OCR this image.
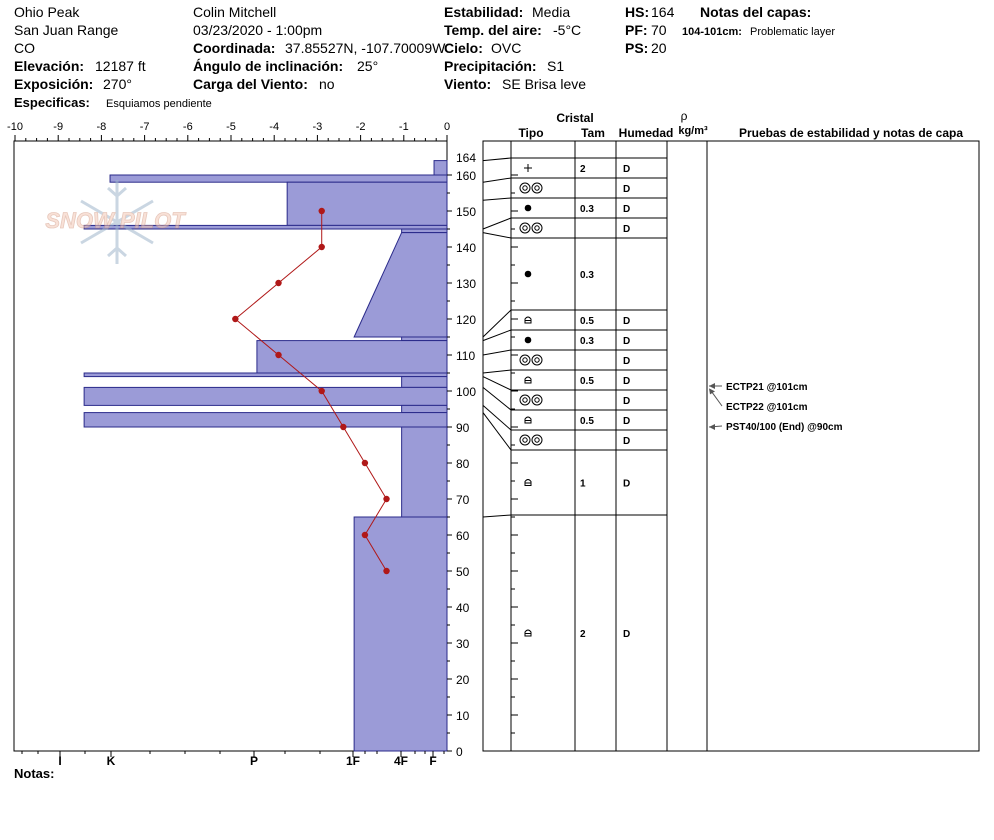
Ohio Peak
San Juan Range
CO
Elevación: 12187 ft
Exposición: 270°
Especificas: Esquiamos pendiente
Colin Mitchell
03/23/2020 - 1:00pm
Coordinada: 37.85527N, -107.70009W
Ángulo de inclinación: 25°
Carga del Viento: no
Estabilidad: Media
Temp. del aire: -5°C
Cielo: OVC
Precipitación: S1
Viento: SE Brisa leve
HS: 164
PF: 70
PS: 20
Notas del capas:
104-101cm: Problematic layer
Notas:
-10	-9	-8	-7	-6	-5	-4	-3	-2	-1	0
I	K	P	1F	4F F
0
10
20
30
40
50
60
70
80
90
100
110
120
130
140
150
160
164
SNOW PILOT
Cristal
Tipo	Tam Humedad
ρ
kg/m³	Pruebas de estabilidad y notas de capa
2	D
D
0.3	D
D
0.3
0.5	D
0.3	D
D
0.5	D
D
0.5	D
D
1	D
2	D
ECTP21 @101cm
ECTP22 @101cm
PST40/100 (End) @90cm
